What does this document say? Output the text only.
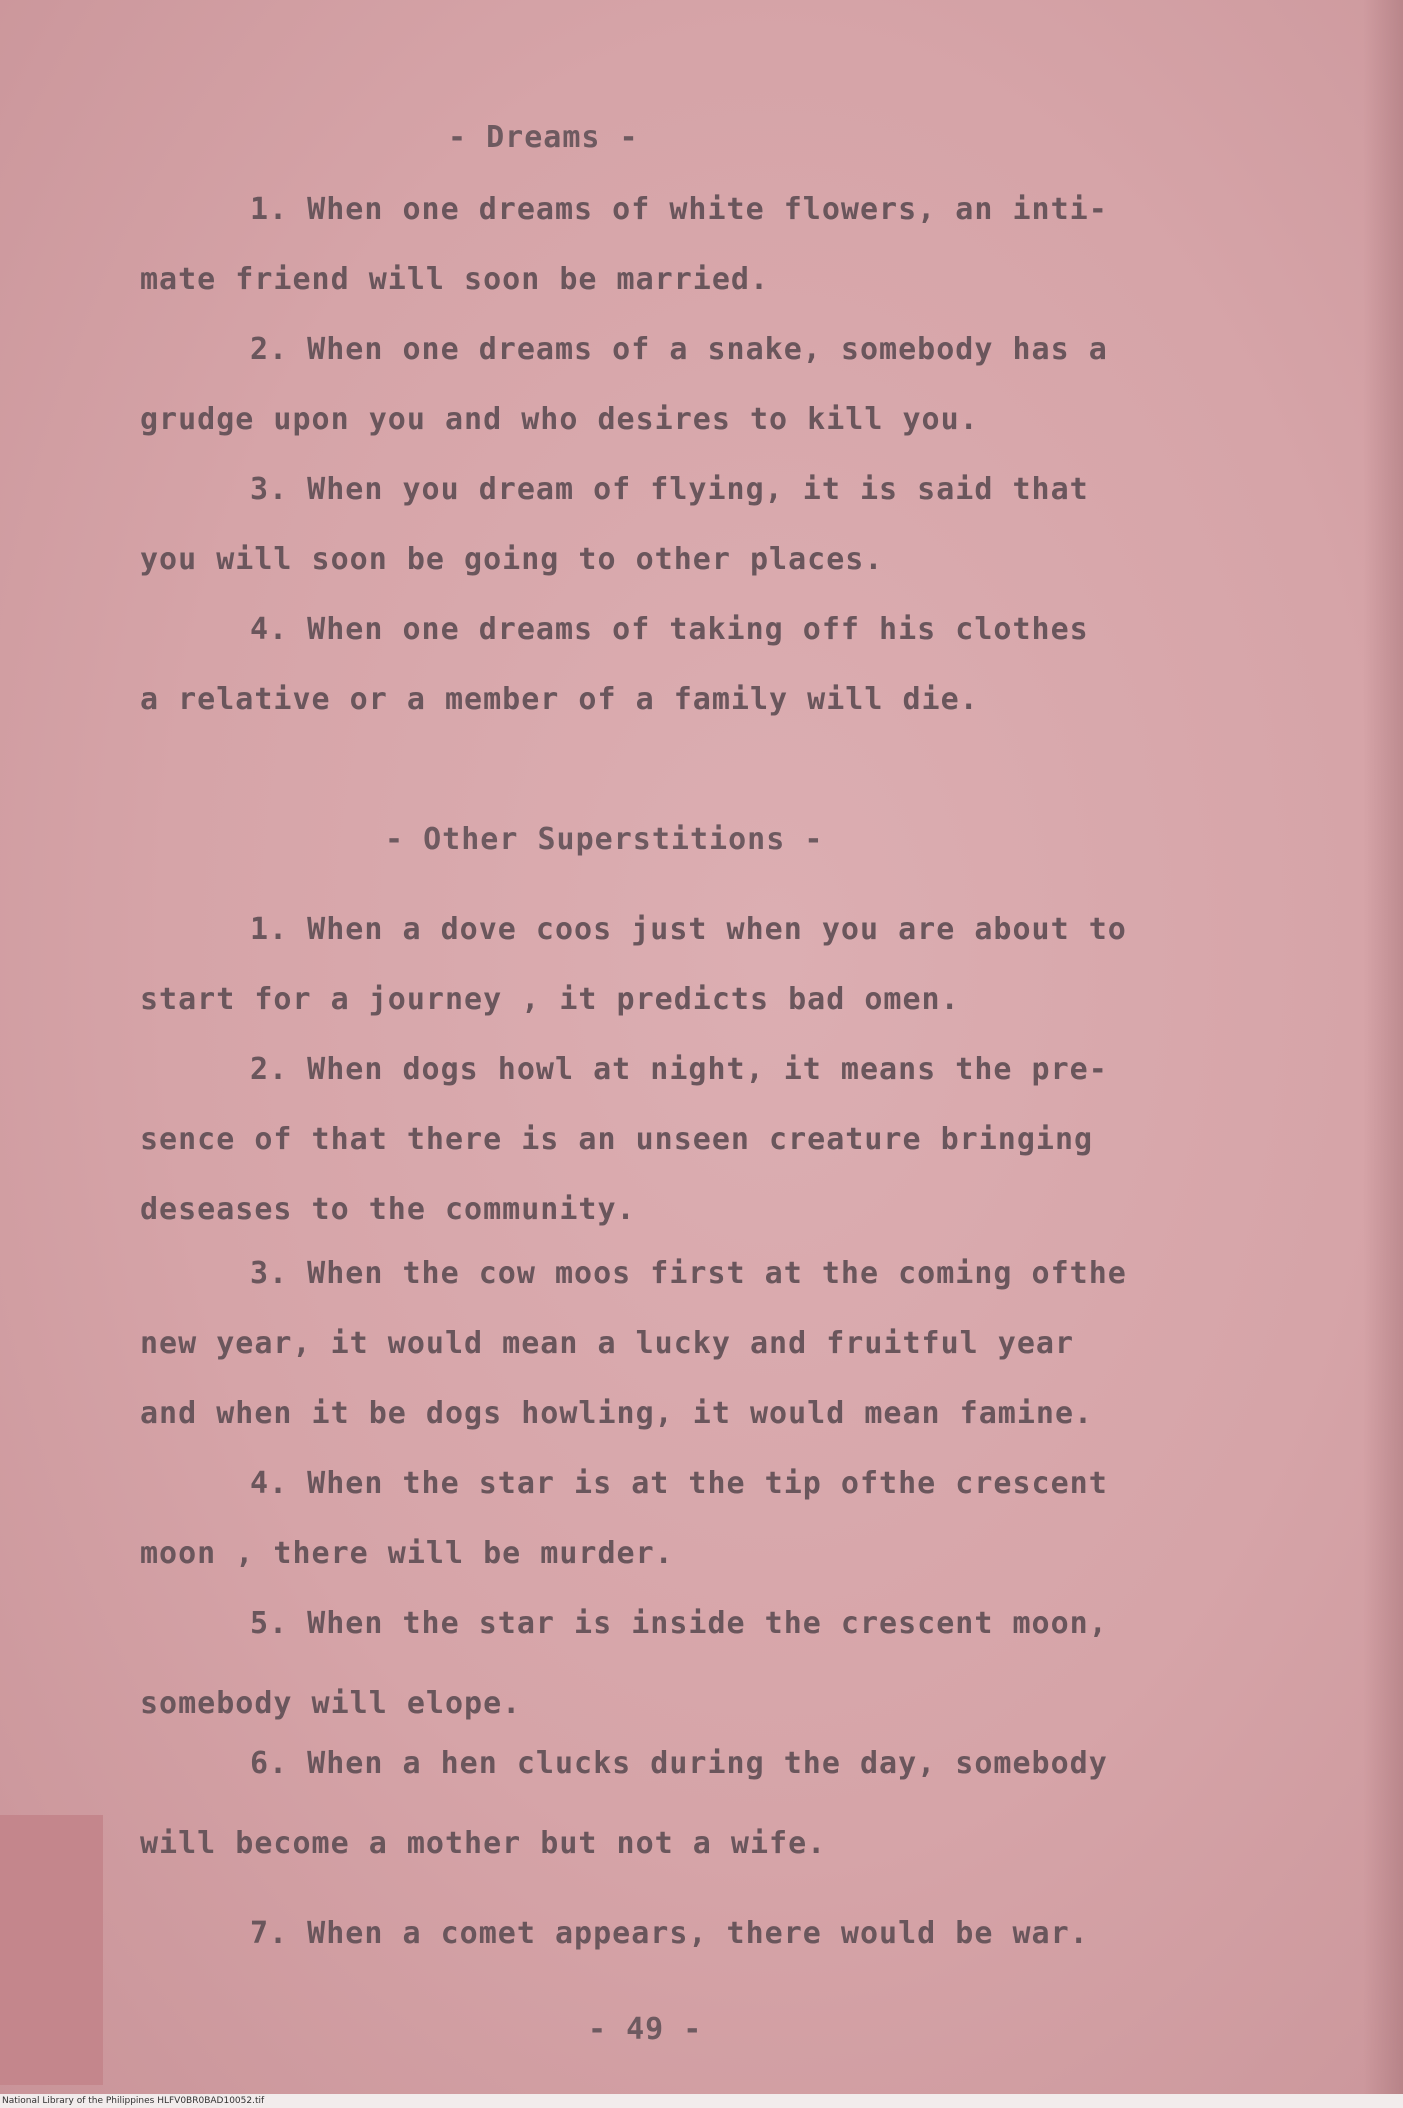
- Dreams -
1. When one dreams of white flowers, an inti-
mate friend will soon be married.
2. When one dreams of a snake, somebody has a
grudge upon you and who desires to kill you.
3. When you dream of flying, it is said that
you will soon be going to other places.
4. When one dreams of taking off his clothes
a relative or a member of a family will die.
- Other Superstitions -
1. When a dove coos just when you are about to
start for a journey , it predicts bad omen.
2. When dogs howl at night, it means the pre-
sence of that there is an unseen creature bringing
deseases to the community.
3. When the cow moos first at the coming ofthe
new year, it would mean a lucky and fruitful year
and when it be dogs howling, it would mean famine.
4. When the star is at the tip ofthe crescent
moon , there will be murder.
5. When the star is inside the crescent moon,
somebody will elope.
6. When a hen clucks during the day, somebody
will become a mother but not a wife.
7. When a comet appears, there would be war.
- 49 -
National Library of the Philippines HLFV0BR0BAD10052.tif
